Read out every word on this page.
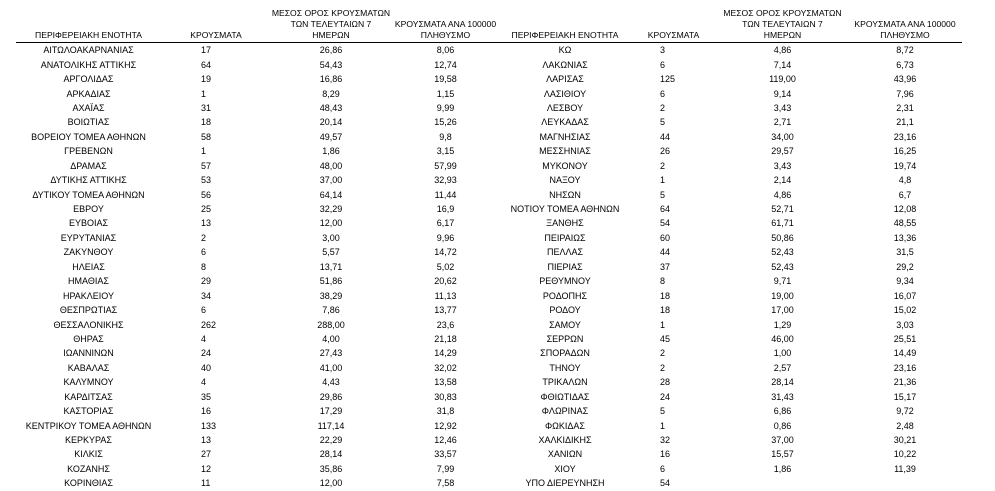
ΠΕΡΙΦΕΡΕΙΑΚΗ ΕΝΟΤΗΤΑ	ΚΡΟΥΣΜΑΤΑ	ΜΕΣΟΣ ΟΡΟΣ ΚΡΟΥΣΜΑΤΩΝ
ΤΩΝ ΤΕΛΕΥΤΑΙΩΝ 7
ΗΜΕΡΩΝ	ΚΡΟΥΣΜΑΤΑ ΑΝΑ 100000
ΠΛΗΘΥΣΜΟ

ΑΙΤΩΛΟΑΚΑΡΝΑΝΙΑΣ	17	26,86	8,06
ΑΝΑΤΟΛΙΚΗΣ ΑΤΤΙΚΗΣ	64	54,43	12,74
ΑΡΓΟΛΙΔΑΣ	19	16,86	19,58
ΑΡΚΑΔΙΑΣ	1	8,29	1,15
ΑΧΑΪΑΣ	31	48,43	9,99
ΒΟΙΩΤΙΑΣ	18	20,14	15,26
ΒΟΡΕΙΟΥ ΤΟΜΕΑ ΑΘΗΝΩΝ	58	49,57	9,8
ΓΡΕΒΕΝΩΝ	1	1,86	3,15
ΔΡΑΜΑΣ	57	48,00	57,99
ΔΥΤΙΚΗΣ ΑΤΤΙΚΗΣ	53	37,00	32,93
ΔΥΤΙΚΟΥ ΤΟΜΕΑ ΑΘΗΝΩΝ	56	64,14	11,44
ΕΒΡΟΥ	25	32,29	16,9
ΕΥΒΟΙΑΣ	13	12,00	6,17
ΕΥΡΥΤΑΝΙΑΣ	2	3,00	9,96
ΖΑΚΥΝΘΟΥ	6	5,57	14,72
ΗΛΕΙΑΣ	8	13,71	5,02
ΗΜΑΘΙΑΣ	29	51,86	20,62
ΗΡΑΚΛΕΙΟΥ	34	38,29	11,13
ΘΕΣΠΡΩΤΙΑΣ	6	7,86	13,77
ΘΕΣΣΑΛΟΝΙΚΗΣ	262	288,00	23,6
ΘΗΡΑΣ	4	4,00	21,18
ΙΩΑΝΝΙΝΩΝ	24	27,43	14,29
ΚΑΒΑΛΑΣ	40	41,00	32,02
ΚΑΛΥΜΝΟΥ	4	4,43	13,58
ΚΑΡΔΙΤΣΑΣ	35	29,86	30,83
ΚΑΣΤΟΡΙΑΣ	16	17,29	31,8
ΚΕΝΤΡΙΚΟΥ ΤΟΜΕΑ ΑΘΗΝΩΝ	133	117,14	12,92
ΚΕΡΚΥΡΑΣ	13	22,29	12,46
ΚΙΛΚΙΣ	27	28,14	33,57
ΚΟΖΑΝΗΣ	12	35,86	7,99
ΚΟΡΙΝΘΙΑΣ	11	12,00	7,58
ΠΕΡΙΦΕΡΕΙΑΚΗ ΕΝΟΤΗΤΑ	ΚΡΟΥΣΜΑΤΑ	ΜΕΣΟΣ ΟΡΟΣ ΚΡΟΥΣΜΑΤΩΝ
ΤΩΝ ΤΕΛΕΥΤΑΙΩΝ 7
ΗΜΕΡΩΝ	ΚΡΟΥΣΜΑΤΑ ΑΝΑ 100000
ΠΛΗΘΥΣΜΟ

ΚΩ	3	4,86	8,72
ΛΑΚΩΝΙΑΣ	6	7,14	6,73
ΛΑΡΙΣΑΣ	125	119,00	43,96
ΛΑΣΙΘΙΟΥ	6	9,14	7,96
ΛΕΣΒΟΥ	2	3,43	2,31
ΛΕΥΚΑΔΑΣ	5	2,71	21,1
ΜΑΓΝΗΣΙΑΣ	44	34,00	23,16
ΜΕΣΣΗΝΙΑΣ	26	29,57	16,25
ΜΥΚΟΝΟΥ	2	3,43	19,74
ΝΑΞΟΥ	1	2,14	4,8
ΝΗΣΩΝ	5	4,86	6,7
ΝΟΤΙΟΥ ΤΟΜΕΑ ΑΘΗΝΩΝ	64	52,71	12,08
ΞΑΝΘΗΣ	54	61,71	48,55
ΠΕΙΡΑΙΩΣ	60	50,86	13,36
ΠΕΛΛΑΣ	44	52,43	31,5
ΠΙΕΡΙΑΣ	37	52,43	29,2
ΡΕΘΥΜΝΟΥ	8	9,71	9,34
ΡΟΔΟΠΗΣ	18	19,00	16,07
ΡΟΔΟΥ	18	17,00	15,02
ΣΑΜΟΥ	1	1,29	3,03
ΣΕΡΡΩΝ	45	46,00	25,51
ΣΠΟΡΑΔΩΝ	2	1,00	14,49
ΤΗΝΟΥ	2	2,57	23,16
ΤΡΙΚΑΛΩΝ	28	28,14	21,36
ΦΘΙΩΤΙΔΑΣ	24	31,43	15,17
ΦΛΩΡΙΝΑΣ	5	6,86	9,72
ΦΩΚΙΔΑΣ	1	0,86	2,48
ΧΑΛΚΙΔΙΚΗΣ	32	37,00	30,21
ΧΑΝΙΩΝ	16	15,57	10,22
ΧΙΟΥ	6	1,86	11,39
ΥΠΟ ΔΙΕΡΕΥΝΗΣΗ	54		
